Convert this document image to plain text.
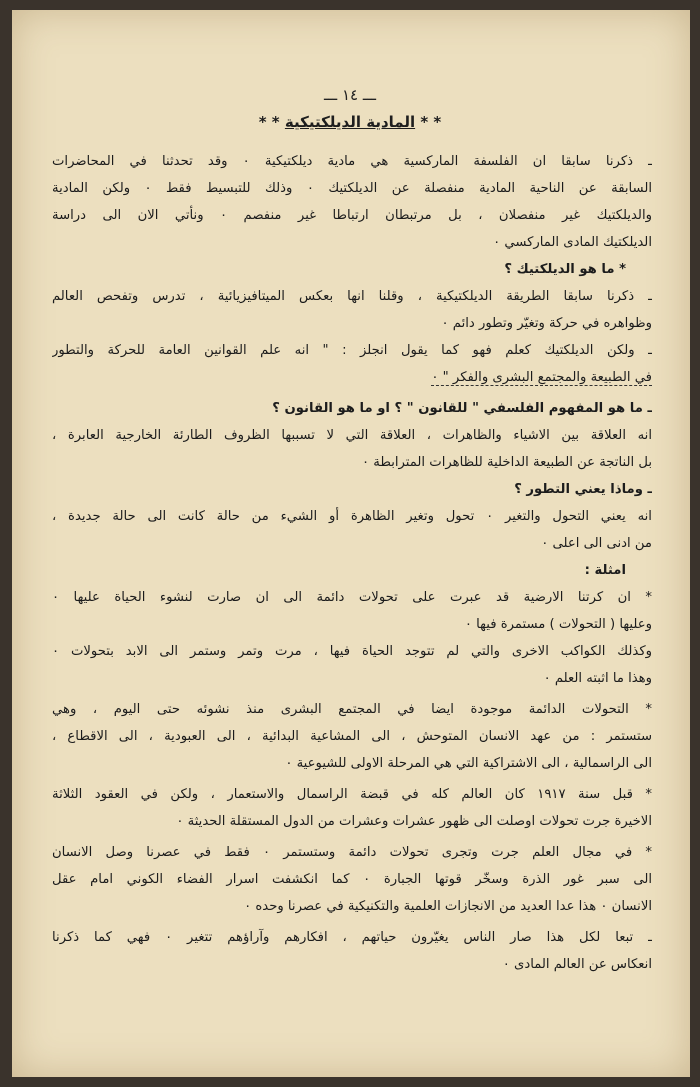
ـــ ١٤ ـــ
* * المادية الديلكتيكية * *
ـ ذكرنا سابقا ان الفلسفة الماركسية هي مادية ديلكتيكية ٠ وقد تحدثنا في المحاضرات
السابقة عن الناحية المادية منفصلة عن الديلكتيك ٠ وذلك للتبسيط فقط ٠ ولكن المادية
والديلكتيك غير منفصلان ، بل مرتبطان ارتباطا غير منفصم ٠ ونأتي الان الى دراسة
الديلكتيك المادى الماركسي ٠
* ما هو الديلكتيك ؟
ـ ذكرنا سابقا الطريقة الديلكتيكية ، وقلنا انها بعكس الميتافيزيائية ، تدرس وتفحص العالم
وظواهره في حركة وتغيّر وتطور دائم ٠
ـ ولكن الديلكتيك كعلم فهو كما يقول انجلز : " انه علم القوانين العامة للحركة والتطور
في الطبيعة والمجتمع البشرى والفكر " ٠
ـ ما هو المفهوم الفلسفي " للقانون " ؟ او ما هو القانون ؟
انه العلاقة بين الاشياء والظاهرات ، العلاقة التي لا تسببها الظروف الطارئة الخارجية العابرة ،
بل الناتجة عن الطبيعة الداخلية للظاهرات المترابطة ٠
ـ وماذا يعني التطور ؟
انه يعني التحول والتغير ٠ تحول وتغير الظاهرة أو الشيء من حالة كانت الى حالة جديدة ،
من ادنى الى اعلى ٠
امثلة :
* ان كرتنا الارضية قد عبرت على تحولات دائمة الى ان صارت لنشوء الحياة عليها ٠
وعليها ( التحولات ) مستمرة فيها ٠
وكذلك الكواكب الاخرى والتي لم تتوجد الحياة فيها ، مرت وتمر وستمر الى الابد بتحولات ٠
وهذا ما اثبته العلم ٠
* التحولات الدائمة موجودة ايضا في المجتمع البشرى منذ نشوئه حتى اليوم ، وهي
ستستمر : من عهد الانسان المتوحش ، الى المشاعية البدائية ، الى العبودية ، الى الاقطاع ،
الى الراسمالية ، الى الاشتراكية التي هي المرحلة الاولى للشيوعية ٠
* قبل سنة ١٩١٧ كان العالم كله في قبضة الراسمال والاستعمار ، ولكن في العقود الثلاثة
الاخيرة جرت تحولات اوصلت الى ظهور عشرات وعشرات من الدول المستقلة الحديثة ٠
* في مجال العلم جرت وتجرى تحولات دائمة وستستمر ٠ فقط في عصرنا وصل الانسان
الى سبر غور الذرة وسخّر قوتها الجبارة ٠ كما انكشفت اسرار الفضاء الكوني امام عقل
الانسان ٠ هذا عدا العديد من الانجازات العلمية والتكنيكية في عصرنا وحده ٠
ـ تبعا لكل هذا صار الناس يغيّرون حياتهم ، افكارهم وآراؤهم تتغير ٠ فهي كما ذكرنا
انعكاس عن العالم المادى ٠
